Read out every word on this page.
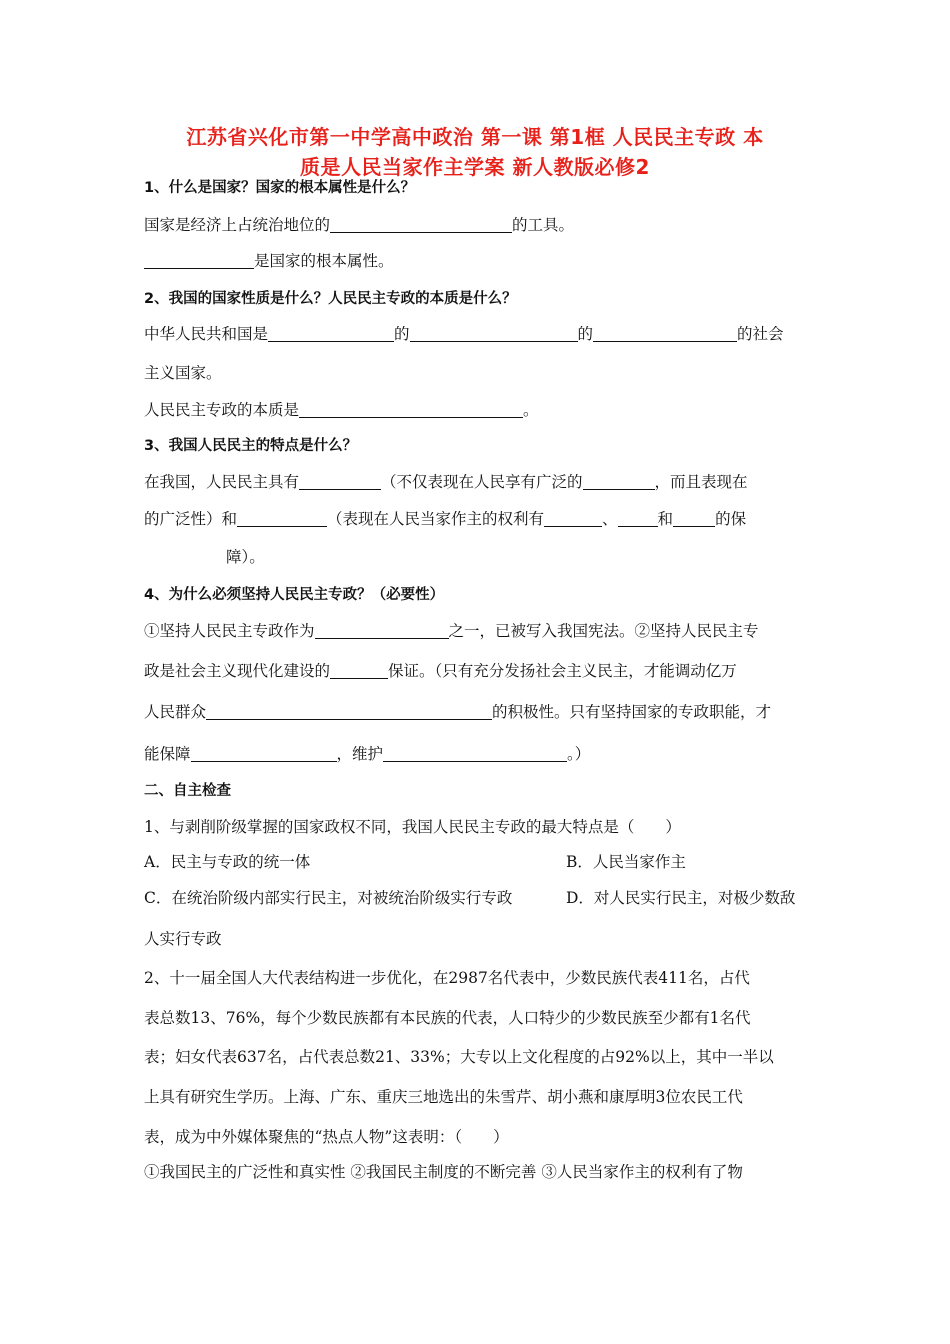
江苏省兴化市第一中学高中政治 第一课 第1框 人民民主专政 本
质是人民当家作主学案 新人教版必修2
1、什么是国家？国家的根本属性是什么？
国家是经济上占统治地位的	的工具。
是国家的根本属性。
2、我国的国家性质是什么？人民民主专政的本质是什么？
中华人民共和国是	的	的	的社会
主义国家。
人民民主专政的本质是	。
3、我国人民民主的特点是什么？
在我国，人民民主具有	（不仅表现在人民享有广泛的	，而且表现在
的广泛性）和	（表现在人民当家作主的权利有	、	和	的保
障）。
4、为什么必须坚持人民民主专政？（必要性）
①坚持人民民主专政作为	之一，已被写入我国宪法。②坚持人民民主专
政是社会主义现代化建设的	保证。（只有充分发扬社会主义民主，才能调动亿万
人民群众	的积极性。只有坚持国家的专政职能，才
能保障	，维护	。）
二、自主检查
1、与剥削阶级掌握的国家政权不同，我国人民民主专政的最大特点是（　　）
A．民主与专政的统一体	B．人民当家作主
C．在统治阶级内部实行民主，对被统治阶级实行专政	D．对人民实行民主，对极少数敌
人实行专政
2、十一届全国人大代表结构进一步优化，在2987名代表中，少数民族代表411名，占代
表总数13、76%，每个少数民族都有本民族的代表，人口特少的少数民族至少都有1名代
表；妇女代表637名，占代表总数21、33%；大专以上文化程度的占92%以上，其中一半以
上具有研究生学历。上海、广东、重庆三地选出的朱雪芹、胡小燕和康厚明3位农民工代
表，成为中外媒体聚焦的“热点人物”这表明：（　　）
①我国民主的广泛性和真实性 ②我国民主制度的不断完善 ③人民当家作主的权利有了物
